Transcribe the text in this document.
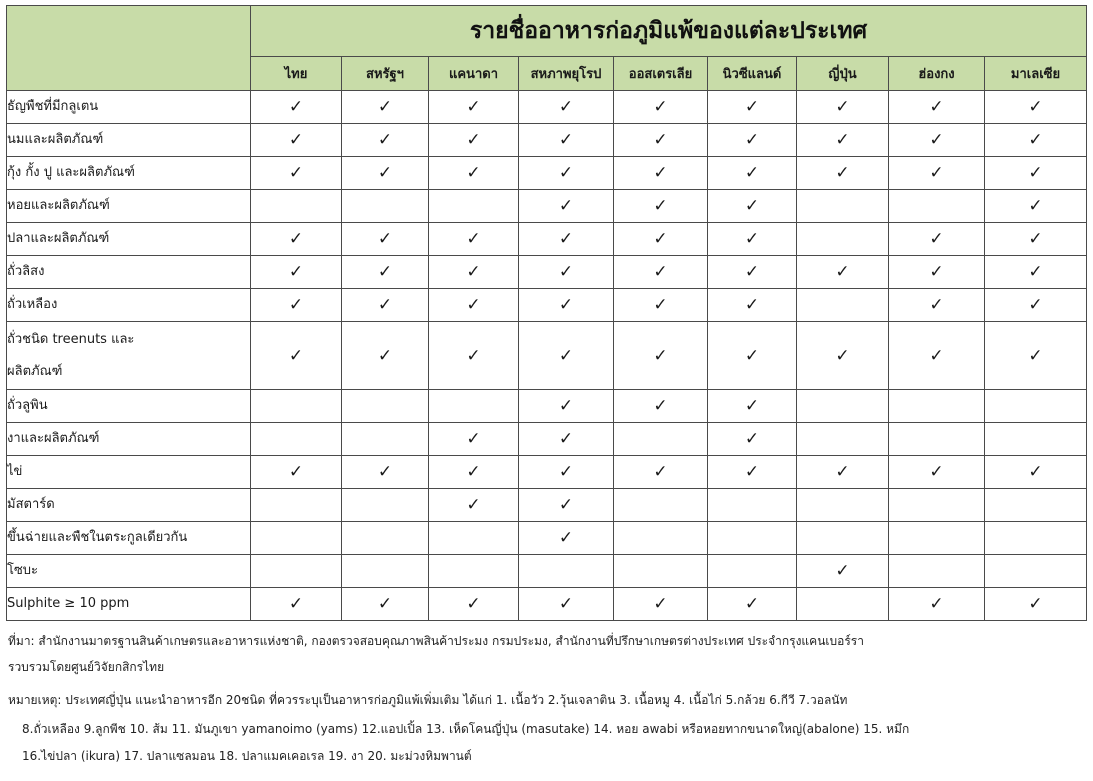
	รายชื่ออาหารก่อภูมิแพ้ของแต่ละประเทศ								
	ไทย	สหรัฐฯ	แคนาดา	สหภาพยุโรป	ออสเตรเลีย	นิวซีแลนด์	ญี่ปุ่น	ฮ่องกง	มาเลเซีย

ธัญพืชที่มีกลูเตน	✓	✓	✓	✓	✓	✓	✓	✓	✓

นมและผลิตภัณฑ์	✓	✓	✓	✓	✓	✓	✓	✓	✓

กุ้ง กั้ง ปู และผลิตภัณฑ์	✓	✓	✓	✓	✓	✓	✓	✓	✓

หอยและผลิตภัณฑ์				✓	✓	✓			✓

ปลาและผลิตภัณฑ์	✓	✓	✓	✓	✓	✓		✓	✓

ถั่วลิสง	✓	✓	✓	✓	✓	✓	✓	✓	✓

ถั่วเหลือง	✓	✓	✓	✓	✓	✓		✓	✓

ถั่วชนิด treenuts และ
ผลิตภัณฑ์	✓	✓	✓	✓	✓	✓	✓	✓	✓

ถั่วลูพิน				✓	✓	✓			

งาและผลิตภัณฑ์			✓	✓		✓			

ไข่	✓	✓	✓	✓	✓	✓	✓	✓	✓

มัสตาร์ด			✓	✓					

ขึ้นฉ่ายและพืชในตระกูลเดียวกัน				✓					

โซบะ							✓		

Sulphite ≥ 10 ppm	✓	✓	✓	✓	✓	✓		✓	✓
ที่มา: สำนักงานมาตรฐานสินค้าเกษตรและอาหารแห่งชาติ, กองตรวจสอบคุณภาพสินค้าประมง กรมประมง, สำนักงานที่ปรึกษาเกษตรต่างประเทศ ประจำกรุงแคนเบอร์รา
รวบรวมโดยศูนย์วิจัยกสิกรไทย
หมายเหตุ: ประเทศญี่ปุ่น แนะนำอาหารอีก 20ชนิด ที่ควรระบุเป็นอาหารก่อภูมิแพ้เพิ่มเติม ได้แก่ 1. เนื้อวัว 2.วุ้นเจลาติน 3. เนื้อหมู 4. เนื้อไก่ 5.กล้วย 6.กีวี 7.วอลนัท
8.ถั่วเหลือง 9.ลูกพีช 10. ส้ม 11. มันภูเขา yamanoimo (yams) 12.แอปเปิ้ล 13. เห็ดโคนญี่ปุ่น (masutake) 14. หอย awabi หรือหอยทากขนาดใหญ่(abalone) 15. หมึก
16.ไข่ปลา (ikura) 17. ปลาแซลมอน 18. ปลาแมคเคอเรล 19. งา 20. มะม่วงหิมพานต์
